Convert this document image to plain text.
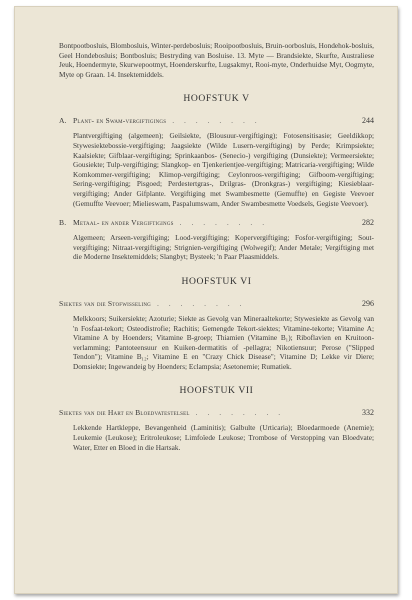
Bontpootbosluis, Blombosluis, Winter-perdebosluis; Rooipootbosluis, Bruin-oorbosluis, Hondehok-bosluis, Geel Hondebosluis; Bontbosluis; Bestryding van Bosluise. 13. Myte — Brandsiekte, Skurfte, Australiese Jeuk, Hoendermyte, Skurwepootmyt, Hoenderskurfte, Lugsakmyt, Rooi-myte, Onderhuidse Myt, Oogmyte, Myte op Graan. 14. Insektemiddels.

HOOFSTUK V
A. Plant- en Swam-vergiftigings . . . . . . . .	244

Plantvergiftiging (algemeen); Geilsiekte, (Blousuur-vergiftiging); Fotosensitisasie; Geeldikkop; Stywesiektebossie-vergiftiging; Jaagsiekte (Wilde Lusern-vergiftiging) by Perde; Krimpsiekte; Kaalsiekte; Gifblaar-vergiftiging; Sprinkaanbos- (Senecio-) vergiftiging (Dunsiekte); Vermeersiekte; Gousiekte; Tulp-vergiftiging; Slangkop- en Tjenkerientjee-vergiftiging; Matricaria-vergiftiging; Wilde Komkommer-vergiftiging; Klimop-vergiftiging; Ceylonroos-vergiftiging; Gifboom-vergiftiging; Sering-vergiftiging; Pisgoed; Perdestertgras-, Drilgras- (Dronkgras-) vergiftiging; Kiesieblaar-vergiftiging; Ander Gifplante. Vergiftiging met Swambesmette (Gemuffte) en Gegiste Veevoer (Gemuffte Veevoer; Mielieswam, Paspalumswam, Ander Swambesmette Voedsels, Gegiste Veevoer).

B. Metaal- en ander Vergiftigings . . . . . . . .	282

Algemeen; Arseen-vergiftiging; Lood-vergiftiging; Kopervergiftiging; Fosfor-vergiftiging; Sout-vergiftiging; Nitraat-vergiftiging; Strignien-vergiftiging (Wolwegif); Ander Metale; Vergiftiging met die Moderne Insektemiddels; Slangbyt; Bysteek; 'n Paar Plaasmiddels.

HOOFSTUK VI
Siektes van die Stofwisseling . . . . . . . .	296

Melkkoors; Suikersiekte; Azoturie; Siekte as Gevolg van Mineraaltekorte; Stywesiekte as Gevolg van 'n Fosfaat-tekort; Osteodistrofie; Rachitis; Gemengde Tekort-siektes; Vitamine-tekorte; Vitamine A; Vitamine A by Hoenders; Vitamine B-groep; Thiamien (Vitamine B₁); Riboflavien en Kruitoon-verlamming; Pantoteensuur en Kuiken-dermatitis of -pellagra; Nikotiensuur; Perose ("Slipped Tendon"); Vitamine B₁₂; Vitamine E en "Crazy Chick Disease"; Vitamine D; Lekke vir Diere; Domsiekte; Ingewandeig by Hoenders; Eclampsia; Asetonemie; Rumatiek.

HOOFSTUK VII
Siektes van die Hart en Bloedvatestelsel . . . . . . . .	332

Lekkende Hartkleppe, Bevangenheid (Laminitis); Galbulte (Urticaria); Bloedarmoede (Anemie); Leukemie (Leukose); Eritroleukose; Limfoïede Leukose; Trombose of Verstopping van Bloedvate; Water, Etter en Bloed in die Hartsak.
